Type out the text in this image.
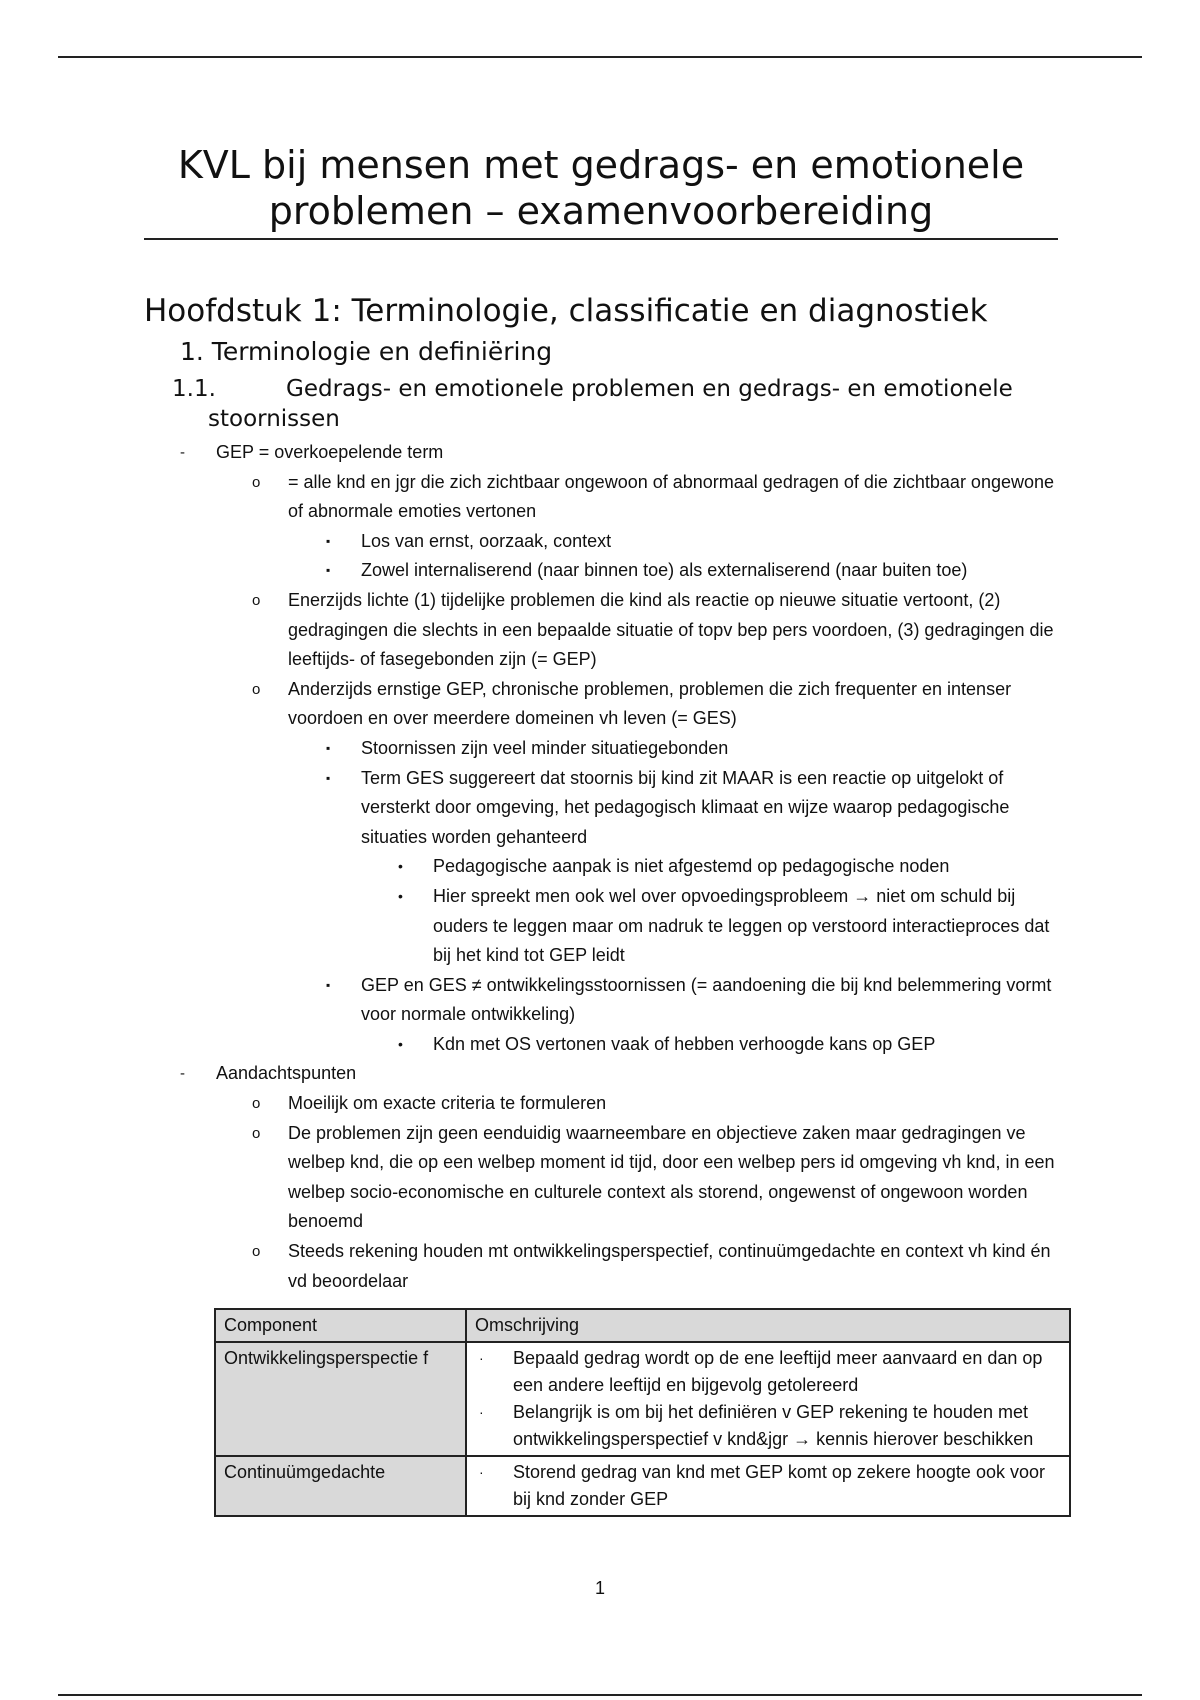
KVL bij mensen met gedrags- en emotionele
problemen – examenvoorbereiding
Hoofdstuk 1: Terminologie, classificatie en diagnostiek
1. Terminologie en definiëring
1.1.	Gedrags- en emotionele problemen en gedrags- en emotionele
stoornissen
- GEP = overkoepelende term
o = alle knd en jgr die zich zichtbaar ongewoon of abnormaal gedragen of die zichtbaar ongewone of abnormale emoties vertonen
▪ Los van ernst, oorzaak, context
▪ Zowel internaliserend (naar binnen toe) als externaliserend (naar buiten toe)
o Enerzijds lichte (1) tijdelijke problemen die kind als reactie op nieuwe situatie vertoont, (2) gedragingen die slechts in een bepaalde situatie of topv bep pers voordoen, (3) gedragingen die leeftijds- of fasegebonden zijn (= GEP)
o Anderzijds ernstige GEP, chronische problemen, problemen die zich frequenter en intenser voordoen en over meerdere domeinen vh leven (= GES)
▪ Stoornissen zijn veel minder situatiegebonden
▪ Term GES suggereert dat stoornis bij kind zit MAAR is een reactie op uitgelokt of versterkt door omgeving, het pedagogisch klimaat en wijze waarop pedagogische situaties worden gehanteerd
• Pedagogische aanpak is niet afgestemd op pedagogische noden
• Hier spreekt men ook wel over opvoedingsprobleem → niet om schuld bij ouders te leggen maar om nadruk te leggen op verstoord interactieproces dat bij het kind tot GEP leidt
▪ GEP en GES ≠ ontwikkelingsstoornissen (= aandoening die bij knd belemmering vormt voor normale ontwikkeling)
• Kdn met OS vertonen vaak of hebben verhoogde kans op GEP
- Aandachtspunten
o Moeilijk om exacte criteria te formuleren
o De problemen zijn geen eenduidig waarneembare en objectieve zaken maar gedragingen ve welbep knd, die op een welbep moment id tijd, door een welbep pers id omgeving vh knd, in een welbep socio-economische en culturele context als storend, ongewenst of ongewoon worden benoemd
o Steeds rekening houden mt ontwikkelingsperspectief, continuümgedachte en context vh kind én vd beoordelaar
Component	Omschrijving
Ontwikkelingsperspectie f	· Bepaald gedrag wordt op de ene leeftijd meer aanvaard en dan op een andere leeftijd en bijgevolg getolereerd
· Belangrijk is om bij het definiëren v GEP rekening te houden met ontwikkelingsperspectief v knd&jgr → kennis hierover beschikken

Continuümgedachte	· Storend gedrag van knd met GEP komt op zekere hoogte ook voor bij knd zonder GEP
1
